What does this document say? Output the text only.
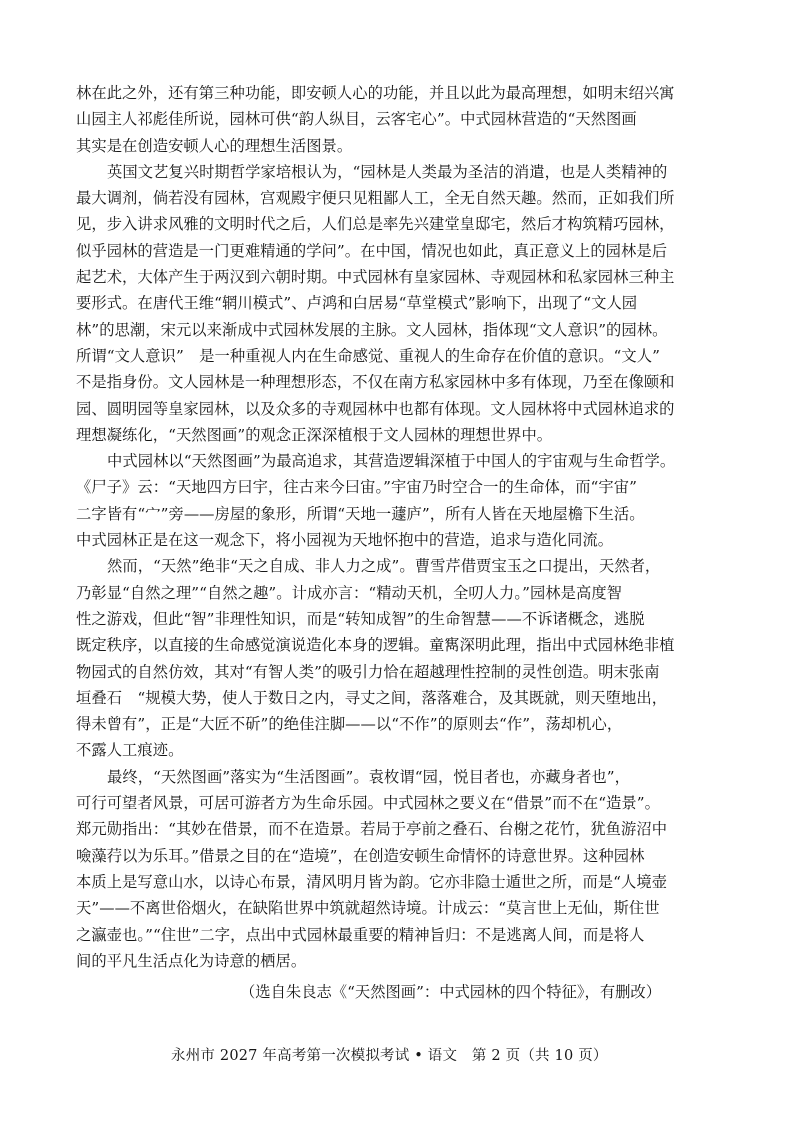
林在此之外，还有第三种功能，即安顿人心的功能，并且以此为最高理想，如明末绍兴寓
山园主人祁彪佳所说，园林可供“韵人纵目，云客宅心”。中式园林营造的“天然图画
其实是在创造安顿人心的理想生活图景。
英国文艺复兴时期哲学家培根认为，“园林是人类最为圣洁的消遣，也是人类精神的
最大调剂，倘若没有园林，宫观殿宇便只见粗鄙人工，全无自然天趣。然而，正如我们所
见，步入讲求风雅的文明时代之后，人们总是率先兴建堂皇邸宅，然后才构筑精巧园林，
似乎园林的营造是一门更难精通的学问”。在中国，情况也如此，真正意义上的园林是后
起艺术，大体产生于两汉到六朝时期。中式园林有皇家园林、寺观园林和私家园林三种主
要形式。在唐代王维“辋川模式”、卢鸿和白居易“草堂模式”影响下，出现了“文人园
林”的思潮，宋元以来渐成中式园林发展的主脉。文人园林，指体现“文人意识”的园林。
所谓“文人意识”　是一种重视人内在生命感觉、重视人的生命存在价值的意识。“文人”
不是指身份。文人园林是一种理想形态，不仅在南方私家园林中多有体现，乃至在像颐和
园、圆明园等皇家园林，以及众多的寺观园林中也都有体现。文人园林将中式园林追求的
理想凝练化，“天然图画”的观念正深深植根于文人园林的理想世界中。
中式园林以“天然图画”为最高追求，其营造逻辑深植于中国人的宇宙观与生命哲学。
《尸子》云：“天地四方曰宇，往古来今曰宙。”宇宙乃时空合一的生命体，而“宇宙”
二字皆有“宀”旁——房屋的象形，所谓“天地一蘧庐”，所有人皆在天地屋檐下生活。
中式园林正是在这一观念下，将小园视为天地怀抱中的营造，追求与造化同流。
然而，“天然”绝非“天之自成、非人力之成”。曹雪芹借贾宝玉之口提出，天然者，
乃彰显“自然之理”“自然之趣”。计成亦言：“精动天机，全叨人力。”园林是高度智
性之游戏，但此“智”非理性知识，而是“转知成智”的生命智慧——不诉诸概念，逃脱
既定秩序，以直接的生命感觉演说造化本身的逻辑。童寯深明此理，指出中式园林绝非植
物园式的自然仿效，其对“有智人类”的吸引力恰在超越理性控制的灵性创造。明末张南
垣叠石　“规模大势，使人于数日之内，寻丈之间，落落难合，及其既就，则天堕地出，
得未曾有”，正是“大匠不斫”的绝佳注脚——以“不作”的原则去“作”，荡却机心，
不露人工痕迹。
最终，“天然图画”落实为“生活图画”。袁枚谓“园，悦目者也，亦藏身者也”，
可行可望者风景，可居可游者方为生命乐园。中式园林之要义在“借景”而不在“造景”。
郑元勋指出：“其妙在借景，而不在造景。若局于亭前之叠石、台榭之花竹，犹鱼游沼中
噞藻荇以为乐耳。”借景之目的在“造境”，在创造安顿生命情怀的诗意世界。这种园林
本质上是写意山水，以诗心布景，清风明月皆为韵。它亦非隐士遁世之所，而是“人境壶
天”——不离世俗烟火，在缺陷世界中筑就超然诗境。计成云：“莫言世上无仙，斯住世
之瀛壶也。”“住世”二字，点出中式园林最重要的精神旨归：不是逃离人间，而是将人
间的平凡生活点化为诗意的栖居。
（选自朱良志《“天然图画”：中式园林的四个特征》，有删改）
永州市 2027 年高考第一次模拟考试 • 语文　第 2 页（共 10 页）
